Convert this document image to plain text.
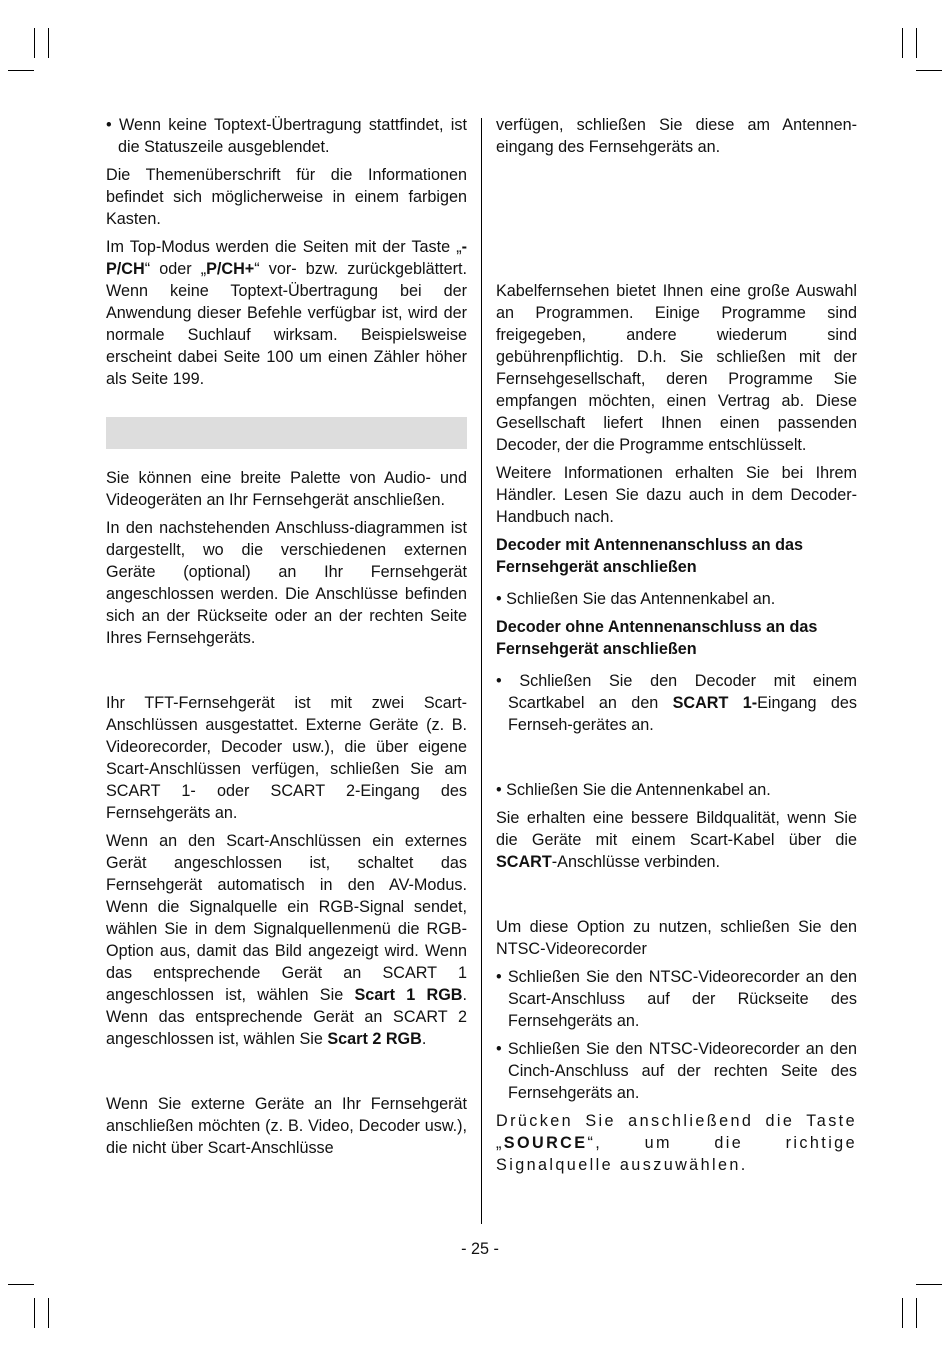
• Wenn keine Toptext-Übertragung stattfindet, ist die Statuszeile ausgeblendet.

Die Themenüberschrift für die Informationen befindet sich möglicherweise in einem farbigen Kasten.

Im Top-Modus werden die Seiten mit der Taste „-P/CH“ oder „P/CH+“ vor- bzw. zurückgeblättert. Wenn keine Toptext-Übertragung bei der Anwendung dieser Befehle verfügbar ist, wird der normale Suchlauf wirksam. Beispielsweise erscheint dabei Seite 100 um einen Zähler höher als Seite 199.

Sie können eine breite Palette von Audio- und Videogeräten an Ihr Fernsehgerät anschließen.

In den nachstehenden Anschluss-diagrammen ist dargestellt, wo die verschiedenen externen Geräte (optional) an Ihr Fernsehgerät angeschlossen werden. Die Anschlüsse befinden sich an der Rückseite oder an der rechten Seite Ihres Fernsehgeräts.

Ihr TFT-Fernsehgerät ist mit zwei Scart-Anschlüssen ausgestattet. Externe Geräte (z. B. Videorecorder, Decoder usw.), die über eigene Scart-Anschlüssen verfügen, schließen Sie am SCART 1- oder SCART 2-Eingang des Fernsehgeräts an.

Wenn an den Scart-Anschlüssen ein externes Gerät angeschlossen ist, schaltet das Fernsehgerät automatisch in den AV-Modus. Wenn die Signalquelle ein RGB-Signal sendet, wählen Sie in dem Signalquellenmenü die RGB-Option aus, damit das Bild angezeigt wird. Wenn das entsprechende Gerät an SCART 1 angeschlossen ist, wählen Sie Scart 1 RGB. Wenn das entsprechende Gerät an SCART 2 angeschlossen ist, wählen Sie Scart 2 RGB.

Wenn Sie externe Geräte an Ihr Fernsehgerät anschließen möchten (z. B. Video, Decoder usw.), die nicht über Scart-Anschlüsse

verfügen, schließen Sie diese am Antennen-eingang des Fernsehgeräts an.

Kabelfernsehen bietet Ihnen eine große Auswahl an Programmen. Einige Programme sind freigegeben, andere wiederum sind gebührenpflichtig. D.h. Sie schließen mit der Fernsehgesellschaft, deren Programme Sie empfangen möchten, einen Vertrag ab. Diese Gesellschaft liefert Ihnen einen passenden Decoder, der die Programme entschlüsselt.

Weitere Informationen erhalten Sie bei Ihrem Händler. Lesen Sie dazu auch in dem Decoder-Handbuch nach.

Decoder mit Antennenanschluss an das Fernsehgerät anschließen

• Schließen Sie das Antennenkabel an.

Decoder ohne Antennenanschluss an das Fernsehgerät anschließen

• Schließen Sie den Decoder mit einem Scartkabel an den SCART 1-Eingang des Fernseh-gerätes an.

• Schließen Sie die Antennenkabel an.

Sie erhalten eine bessere Bildqualität, wenn Sie die Geräte mit einem Scart-Kabel über die SCART-Anschlüsse verbinden.

Um diese Option zu nutzen, schließen Sie den NTSC-Videorecorder

• Schließen Sie den NTSC-Videorecorder an den Scart-Anschluss auf der Rückseite des Fernsehgeräts an.

• Schließen Sie den NTSC-Videorecorder an den Cinch-Anschluss auf der rechten Seite des Fernsehgeräts an.

Drücken Sie anschließend die Taste „SOURCE“, um die richtige Signalquelle auszuwählen.

- 25 -
